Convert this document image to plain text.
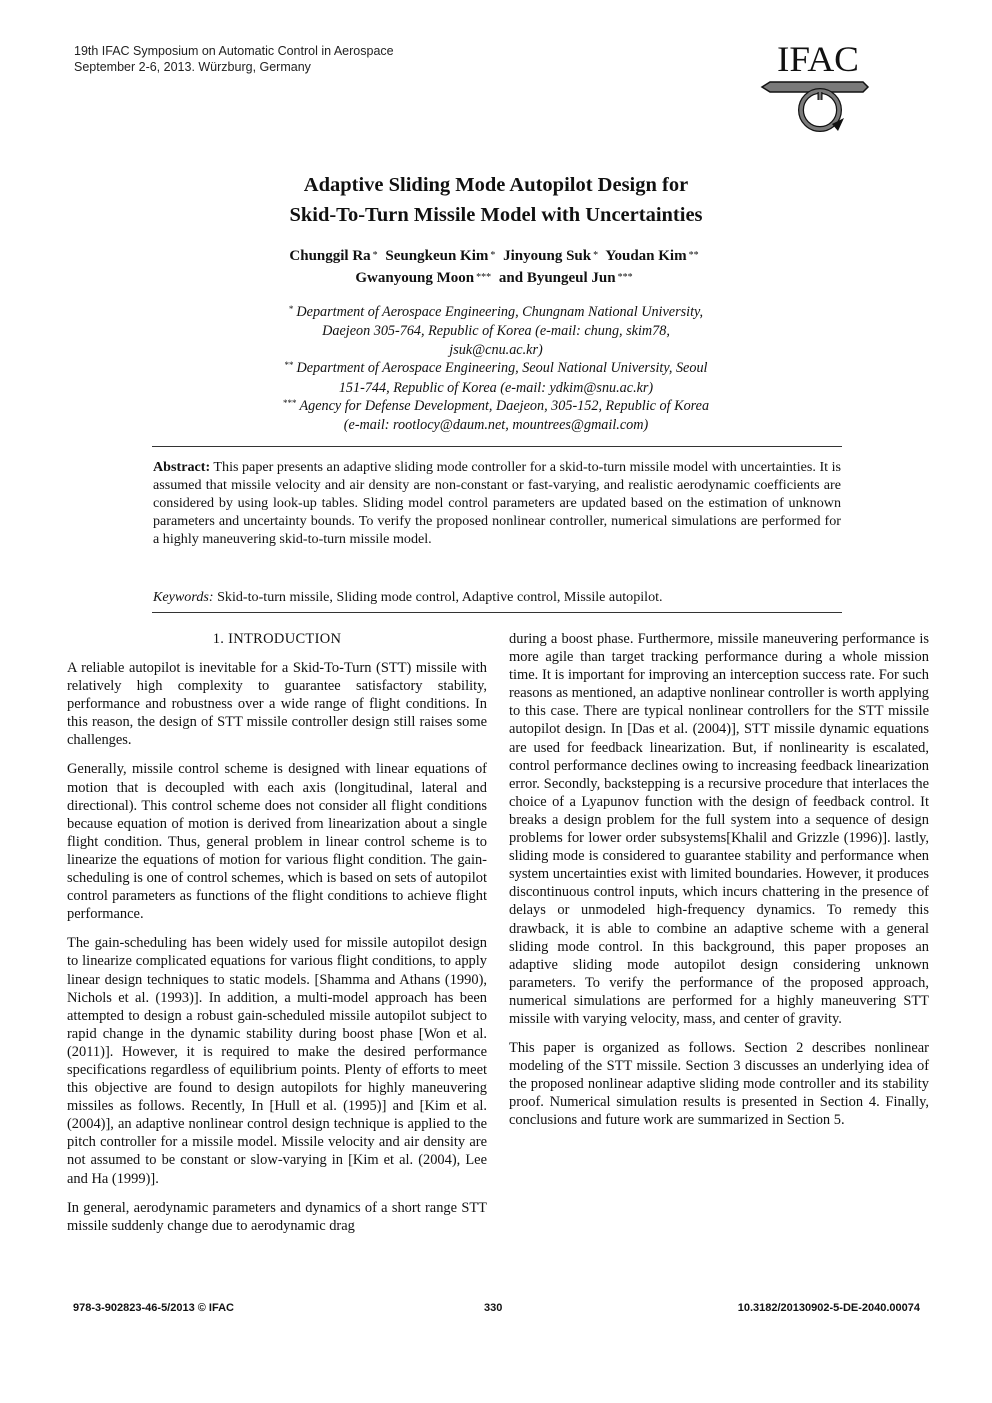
19th IFAC Symposium on Automatic Control in Aerospace
September 2-6, 2013. Würzburg, Germany	IFAC
Adaptive Sliding Mode Autopilot Design for
Skid-To-Turn Missile Model with Uncertainties
Chunggil Ra * Seungkeun Kim * Jinyoung Suk * Youdan Kim **
Gwanyoung Moon *** and Byungeul Jun ***
* Department of Aerospace Engineering, Chungnam National University,
Daejeon 305-764, Republic of Korea (e-mail: chung, skim78,
jsuk@cnu.ac.kr)
** Department of Aerospace Engineering, Seoul National University, Seoul
151-744, Republic of Korea (e-mail: ydkim@snu.ac.kr)
*** Agency for Defense Development, Daejeon, 305-152, Republic of Korea
(e-mail: rootlocy@daum.net, mountrees@gmail.com)
Abstract: This paper presents an adaptive sliding mode controller for a skid-to-turn missile model with uncertainties. It is assumed that missile velocity and air density are non-constant or fast-varying, and realistic aerodynamic coefficients are considered by using look-up tables. Sliding model control parameters are updated based on the estimation of unknown parameters and uncertainty bounds. To verify the proposed nonlinear controller, numerical simulations are performed for a highly maneuvering skid-to-turn missile model.
Keywords: Skid-to-turn missile, Sliding mode control, Adaptive control, Missile autopilot.
1. INTRODUCTION

A reliable autopilot is inevitable for a Skid-To-Turn (STT) missile with relatively high complexity to guarantee satisfactory stability, performance and robustness over a wide range of flight conditions. In this reason, the design of STT missile controller design still raises some challenges.

Generally, missile control scheme is designed with linear equations of motion that is decoupled with each axis (longitudinal, lateral and directional). This control scheme does not consider all flight conditions because equation of motion is derived from linearization about a single flight condition. Thus, general problem in linear control scheme is to linearize the equations of motion for various flight condition. The gain-scheduling is one of control schemes, which is based on sets of autopilot control parameters as functions of the flight conditions to achieve flight performance.

The gain-scheduling has been widely used for missile autopilot design to linearize complicated equations for various flight conditions, to apply linear design techniques to static models. [Shamma and Athans (1990), Nichols et al. (1993)]. In addition, a multi-model approach has been attempted to design a robust gain-scheduled missile autopilot subject to rapid change in the dynamic stability during boost phase [Won et al. (2011)]. However, it is required to make the desired performance specifications regardless of equilibrium points. Plenty of efforts to meet this objective are found to design autopilots for highly maneuvering missiles as follows. Recently, In [Hull et al. (1995)] and [Kim et al. (2004)], an adaptive nonlinear control design technique is applied to the pitch controller for a missile model. Missile velocity and air density are not assumed to be constant or slow-varying in [Kim et al. (2004), Lee and Ha (1999)].

In general, aerodynamic parameters and dynamics of a short range STT missile suddenly change due to aerodynamic drag

during a boost phase. Furthermore, missile maneuvering performance is more agile than target tracking performance during a whole mission time. It is important for improving an interception success rate. For such reasons as mentioned, an adaptive nonlinear controller is worth applying to this case. There are typical nonlinear controllers for the STT missile autopilot design. In [Das et al. (2004)], STT missile dynamic equations are used for feedback linearization. But, if nonlinearity is escalated, control performance declines owing to increasing feedback linearization error. Secondly, backstepping is a recursive procedure that interlaces the choice of a Lyapunov function with the design of feedback control. It breaks a design problem for the full system into a sequence of design problems for lower order subsystems[Khalil and Grizzle (1996)]. lastly, sliding mode is considered to guarantee stability and performance when system uncertainties exist with limited boundaries. However, it produces discontinuous control inputs, which incurs chattering in the presence of delays or unmodeled high-frequency dynamics. To remedy this drawback, it is able to combine an adaptive scheme with a general sliding mode control. In this background, this paper proposes an adaptive sliding mode autopilot design considering unknown parameters. To verify the performance of the proposed approach, numerical simulations are performed for a highly maneuvering STT missile with varying velocity, mass, and center of gravity.

This paper is organized as follows. Section 2 describes nonlinear modeling of the STT missile. Section 3 discusses an underlying idea of the proposed nonlinear adaptive sliding mode controller and its stability proof. Numerical simulation results is presented in Section 4. Finally, conclusions and future work are summarized in Section 5.

978-3-902823-46-5/2013 © IFAC	330	10.3182/20130902-5-DE-2040.00074
